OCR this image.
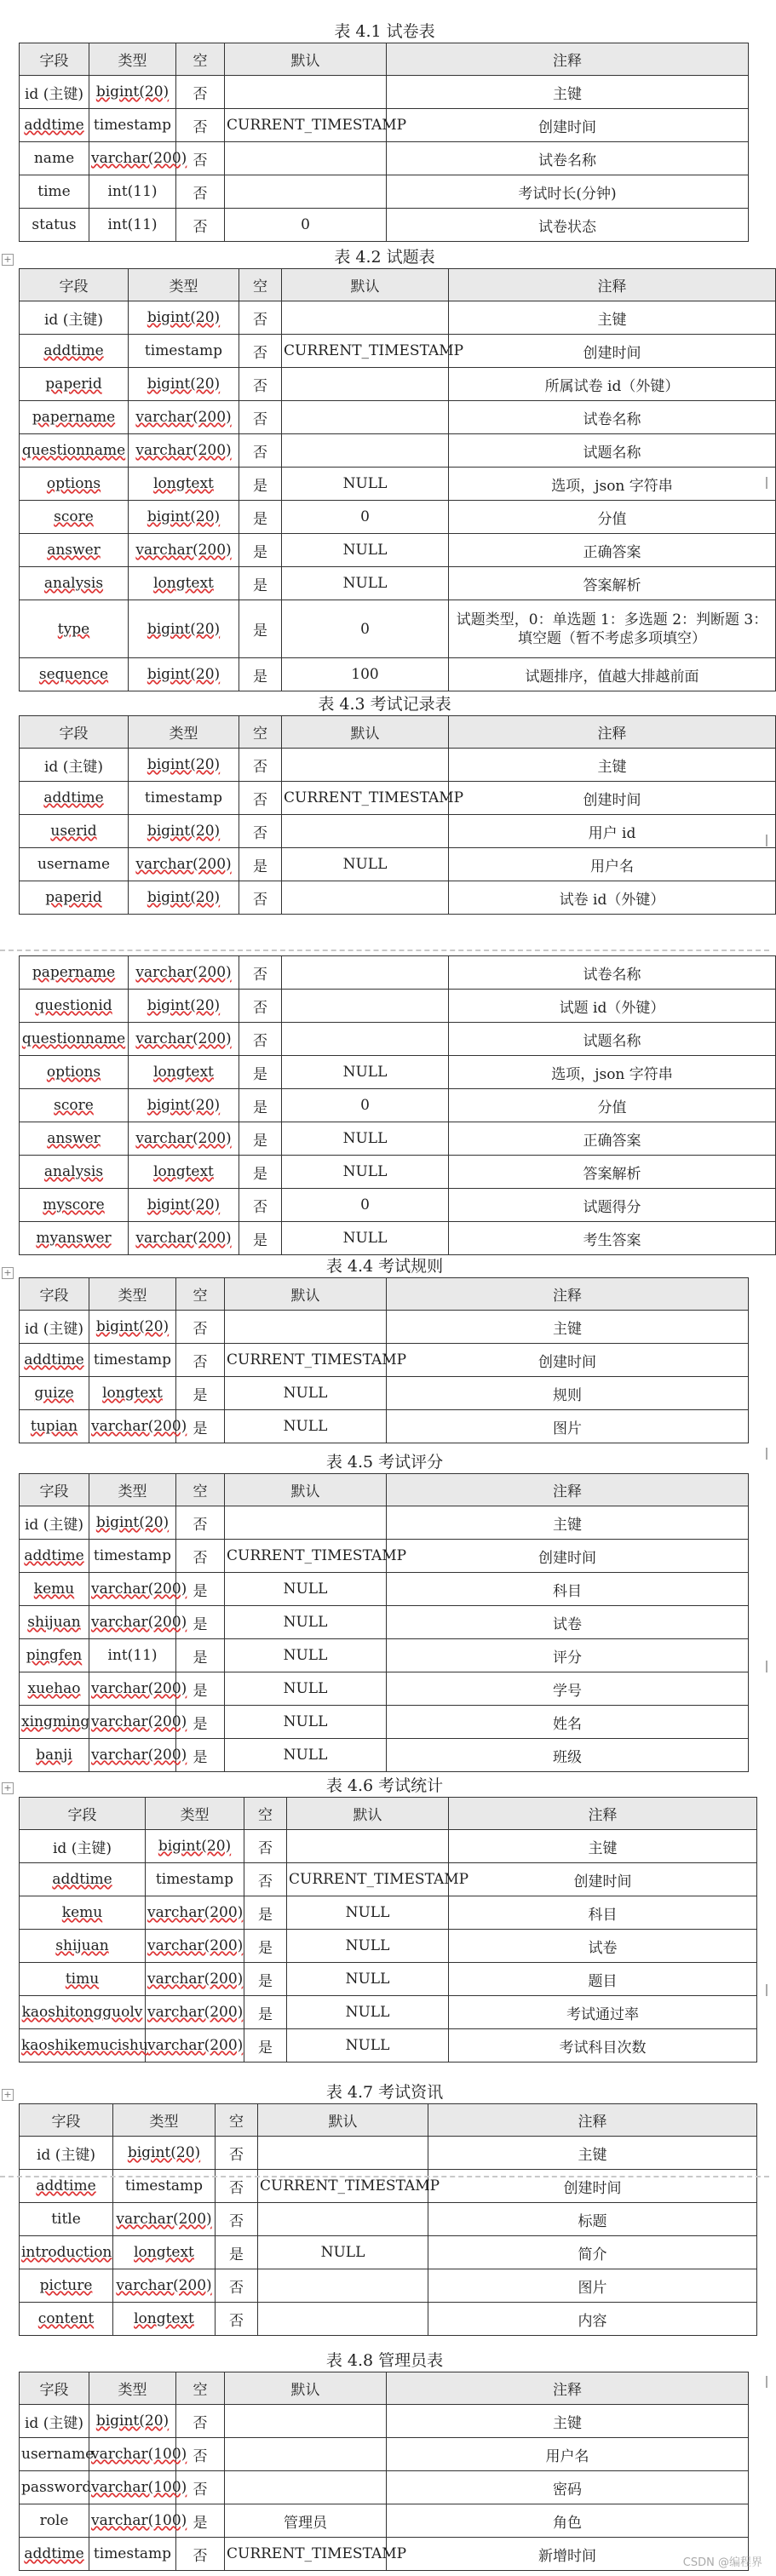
表 4.1 试卷表
字段	类型	空	默认	注释
id (主键)	bigint(20)	否		主键
addtime	timestamp	否	CURRENT_TIMESTAMP	创建时间
name	varchar(200)	否		试卷名称
time	int(11)	否		考试时长(分钟)
status	int(11)	否	0	试卷状态
表 4.2 试题表
字段	类型	空	默认	注释
id (主键)	bigint(20)	否		主键
addtime	timestamp	否	CURRENT_TIMESTAMP	创建时间
paperid	bigint(20)	否		所属试卷 id（外键）
papername	varchar(200)	否		试卷名称
questionname	varchar(200)	否		试题名称
options	longtext	是	NULL	选项，json 字符串
score	bigint(20)	是	0	分值
answer	varchar(200)	是	NULL	正确答案
analysis	longtext	是	NULL	答案解析
type	bigint(20)	是	0	试题类型，0：单选题 1：多选题 2：判断题 3：填空题（暂不考虑多项填空）
sequence	bigint(20)	是	100	试题排序，值越大排越前面
表 4.3 考试记录表
字段	类型	空	默认	注释
id (主键)	bigint(20)	否		主键
addtime	timestamp	否	CURRENT_TIMESTAMP	创建时间
userid	bigint(20)	否		用户 id
username	varchar(200)	是	NULL	用户名
paperid	bigint(20)	否		试卷 id（外键）
papername	varchar(200)	否		试卷名称
questionid	bigint(20)	否		试题 id（外键）
questionname	varchar(200)	否		试题名称
options	longtext	是	NULL	选项，json 字符串
score	bigint(20)	是	0	分值
answer	varchar(200)	是	NULL	正确答案
analysis	longtext	是	NULL	答案解析
myscore	bigint(20)	否	0	试题得分
myanswer	varchar(200)	是	NULL	考生答案
表 4.4 考试规则
字段	类型	空	默认	注释
id (主键)	bigint(20)	否		主键
addtime	timestamp	否	CURRENT_TIMESTAMP	创建时间
guize	longtext	是	NULL	规则
tupian	varchar(200)	是	NULL	图片
表 4.5 考试评分
字段	类型	空	默认	注释
id (主键)	bigint(20)	否		主键
addtime	timestamp	否	CURRENT_TIMESTAMP	创建时间
kemu	varchar(200)	是	NULL	科目
shijuan	varchar(200)	是	NULL	试卷
pingfen	int(11)	是	NULL	评分
xuehao	varchar(200)	是	NULL	学号
xingming	varchar(200)	是	NULL	姓名
banji	varchar(200)	是	NULL	班级
表 4.6 考试统计
字段	类型	空	默认	注释
id (主键)	bigint(20)	否		主键
addtime	timestamp	否	CURRENT_TIMESTAMP	创建时间
kemu	varchar(200)	是	NULL	科目
shijuan	varchar(200)	是	NULL	试卷
timu	varchar(200)	是	NULL	题目
kaoshitongguolv	varchar(200)	是	NULL	考试通过率
kaoshikemucishu	varchar(200)	是	NULL	考试科目次数
表 4.7 考试资讯
字段	类型	空	默认	注释
id (主键)	bigint(20)	否		主键
addtime	timestamp	否	CURRENT_TIMESTAMP	创建时间
title	varchar(200)	否		标题
introduction	longtext	是	NULL	简介
picture	varchar(200)	否		图片
content	longtext	否		内容
表 4.8 管理员表
字段	类型	空	默认	注释
id (主键)	bigint(20)	否		主键
username	varchar(100)	否		用户名
password	varchar(100)	否		密码
role	varchar(100)	是	管理员	角色
addtime	timestamp	否	CURRENT_TIMESTAMP	新增时间
+
+
+
+
CSDN @编程界
